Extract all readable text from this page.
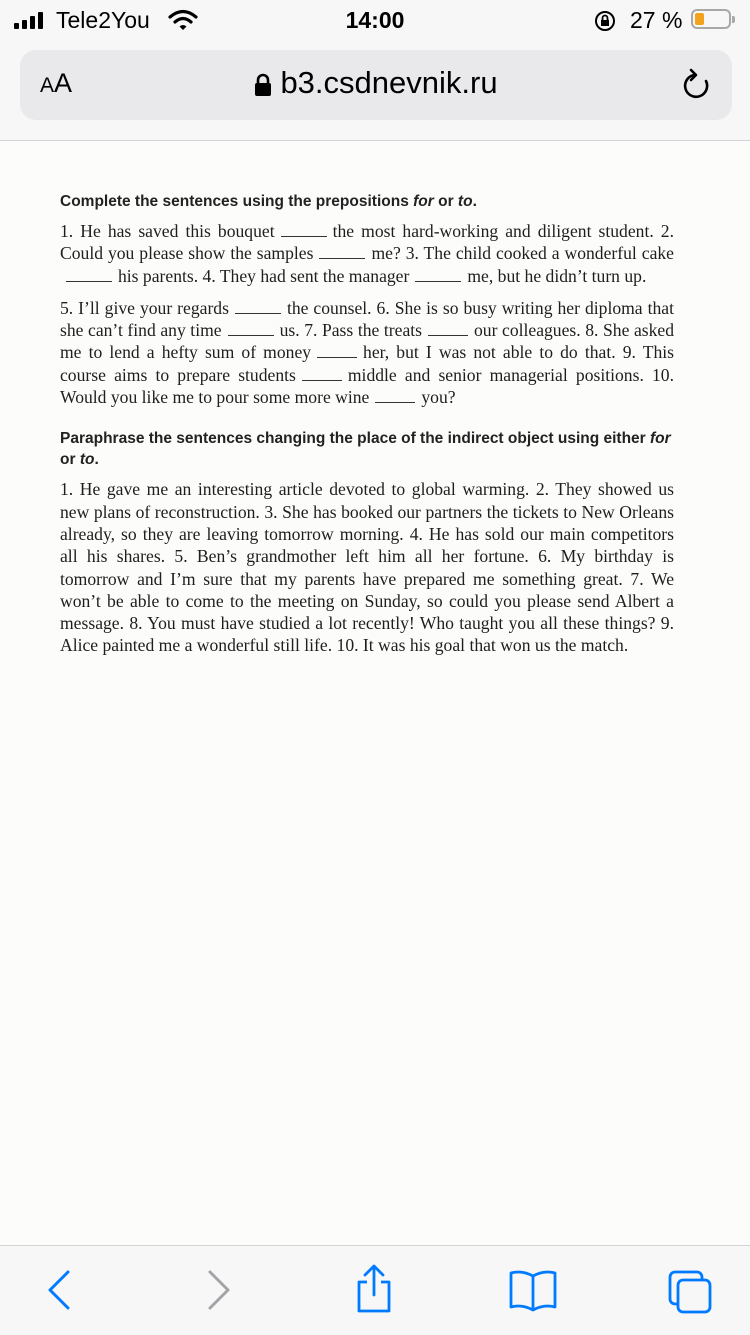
Tele2You	14:00	27 %
AA	b3.csdnevnik.ru

Complete the sentences using the prepositions for or to.

1. He has saved this bouquet	the most hard-working and diligent student. 2. Could you please show the samples	me? 3. The child cooked a wonderful cakehis parents. 4. They had sent the manager	me, but he didn’t turn up.

5. I’ll give your regards	the counsel. 6. She is so busy writing her diploma that she can’t find any time	us. 7. Pass the treats	our colleagues. 8. She asked me to lend a hefty sum of money	her, but I was not able to do that. 9. This course aims to prepare students	middle and senior managerial positions. 10. Would you like me to pour some more wine	you?

Paraphrase the sentences changing the place of the indirect object using either for or to.

1. He gave me an interesting article devoted to global warming. 2. They showed us new plans of reconstruction. 3. She has booked our partners the tickets to New Orleans already, so they are leaving tomorrow morning. 4. He has sold our main competitors all his shares. 5. Ben’s grandmother left him all her fortune. 6. My birthday is tomorrow and I’m sure that my parents have prepared me something great. 7. We won’t be able to come to the meeting on Sunday, so could you please send Albert a message. 8. You must have studied a lot recently! Who taught you all these things? 9. Alice painted me a wonderful still life. 10. It was his goal that won us the match.
